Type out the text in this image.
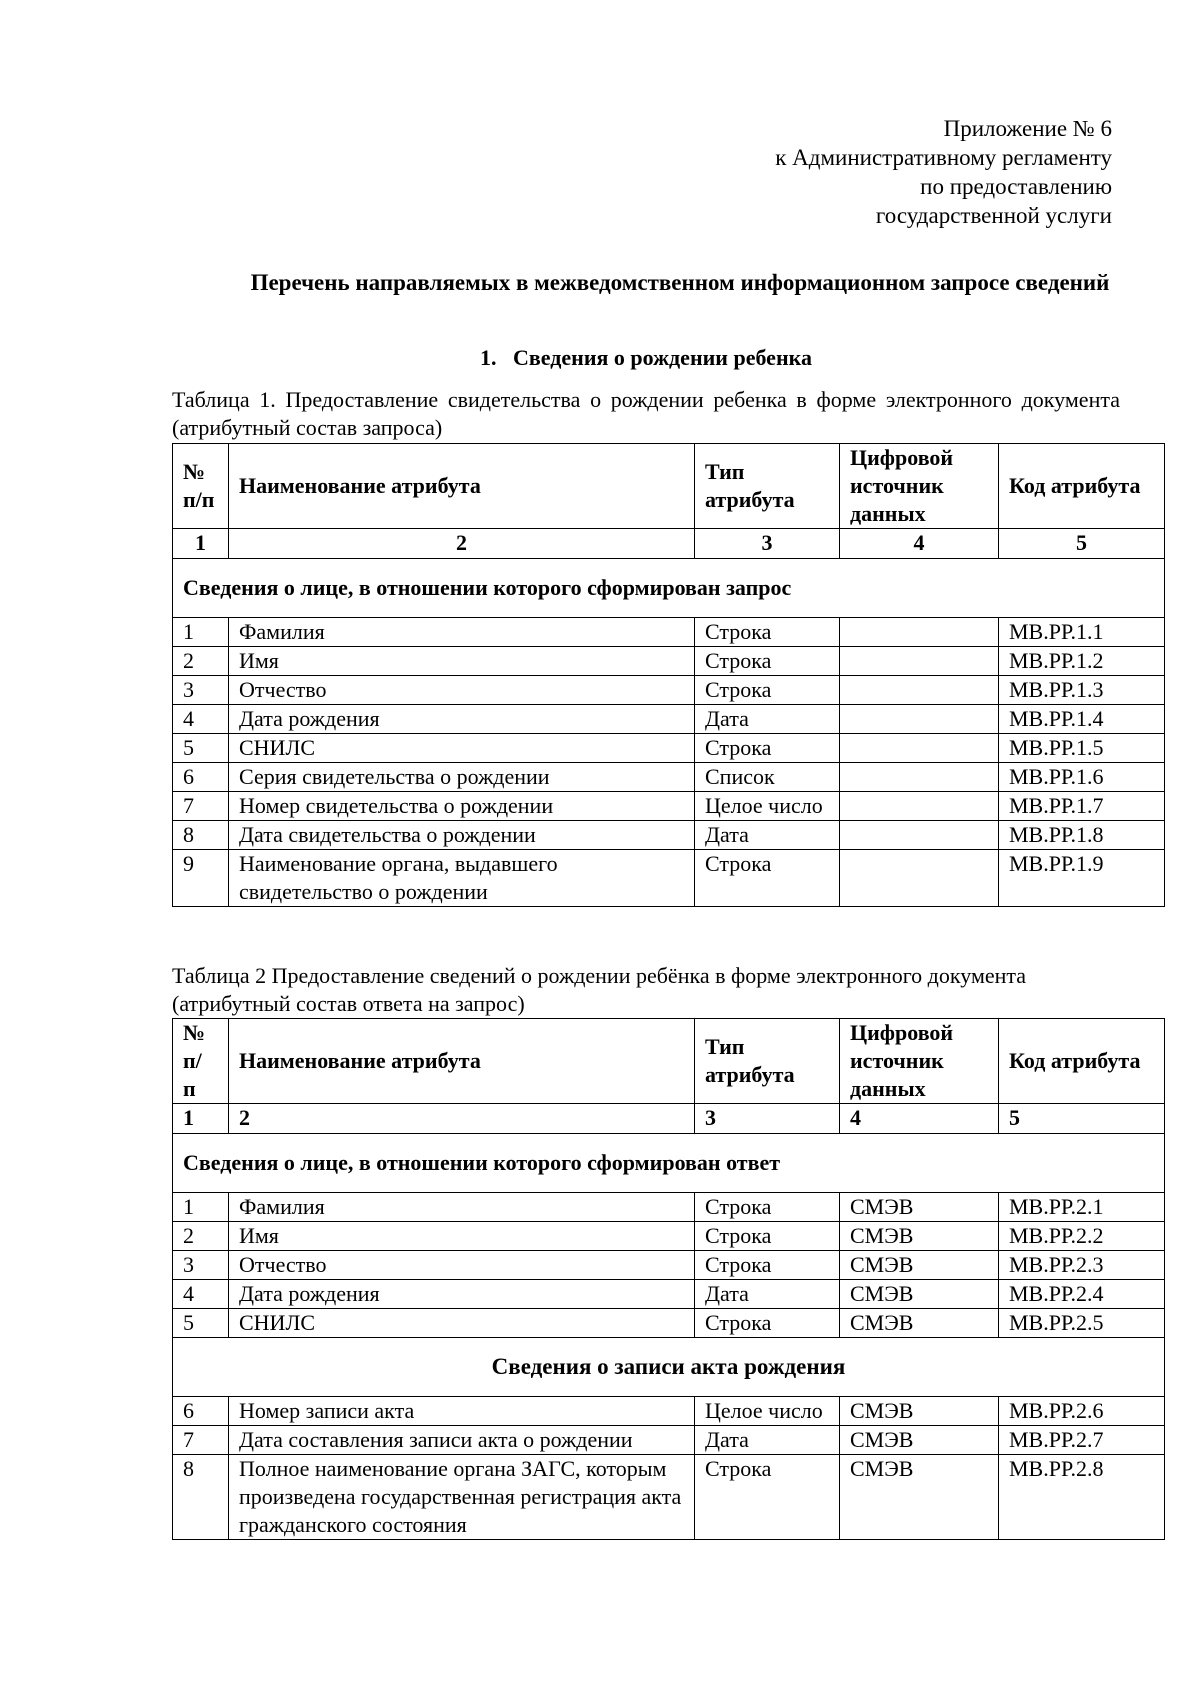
Приложение № 6
к Административному регламенту
по предоставлению
государственной услуги
Перечень направляемых в межведомственном информационном запросе сведений
1. Сведения о рождении ребенка
Таблица 1. Предоставление свидетельства о рождении ребенка в форме электронного документа (атрибутный состав запроса)
№ п/п	Наименование атрибута	Тип атрибута	Цифровой источник данных	Код атрибута
1	2	3	4	5
Сведения о лице, в отношении которого сформирован запрос				
1	Фамилия	Строка		МВ.РР.1.1
2	Имя	Строка		МВ.РР.1.2
3	Отчество	Строка		МВ.РР.1.3
4	Дата рождения	Дата		МВ.РР.1.4
5	СНИЛС	Строка		МВ.РР.1.5
6	Серия свидетельства о рождении	Список		МВ.РР.1.6
7	Номер свидетельства о рождении	Целое число		МВ.РР.1.7
8	Дата свидетельства о рождении	Дата		МВ.РР.1.8
9	Наименование органа, выдавшего свидетельство о рождении	Строка		МВ.РР.1.9
Таблица 2 Предоставление сведений о рождении ребёнка в форме электронного документа (атрибутный состав ответа на запрос)
№ п/ п	Наименование атрибута	Тип атрибута	Цифровой источник данных	Код атрибута
1	2	3	4	5
Сведения о лице, в отношении которого сформирован ответ				
1	Фамилия	Строка	СМЭВ	МВ.РР.2.1
2	Имя	Строка	СМЭВ	МВ.РР.2.2
3	Отчество	Строка	СМЭВ	МВ.РР.2.3
4	Дата рождения	Дата	СМЭВ	МВ.РР.2.4
5	СНИЛС	Строка	СМЭВ	МВ.РР.2.5
Сведения о записи акта рождения				
6	Номер записи акта	Целое число	СМЭВ	МВ.РР.2.6
7	Дата составления записи акта о рождении	Дата	СМЭВ	МВ.РР.2.7
8	Полное наименование органа ЗАГС, которым произведена государственная регистрация акта гражданского состояния	Строка	СМЭВ	МВ.РР.2.8
